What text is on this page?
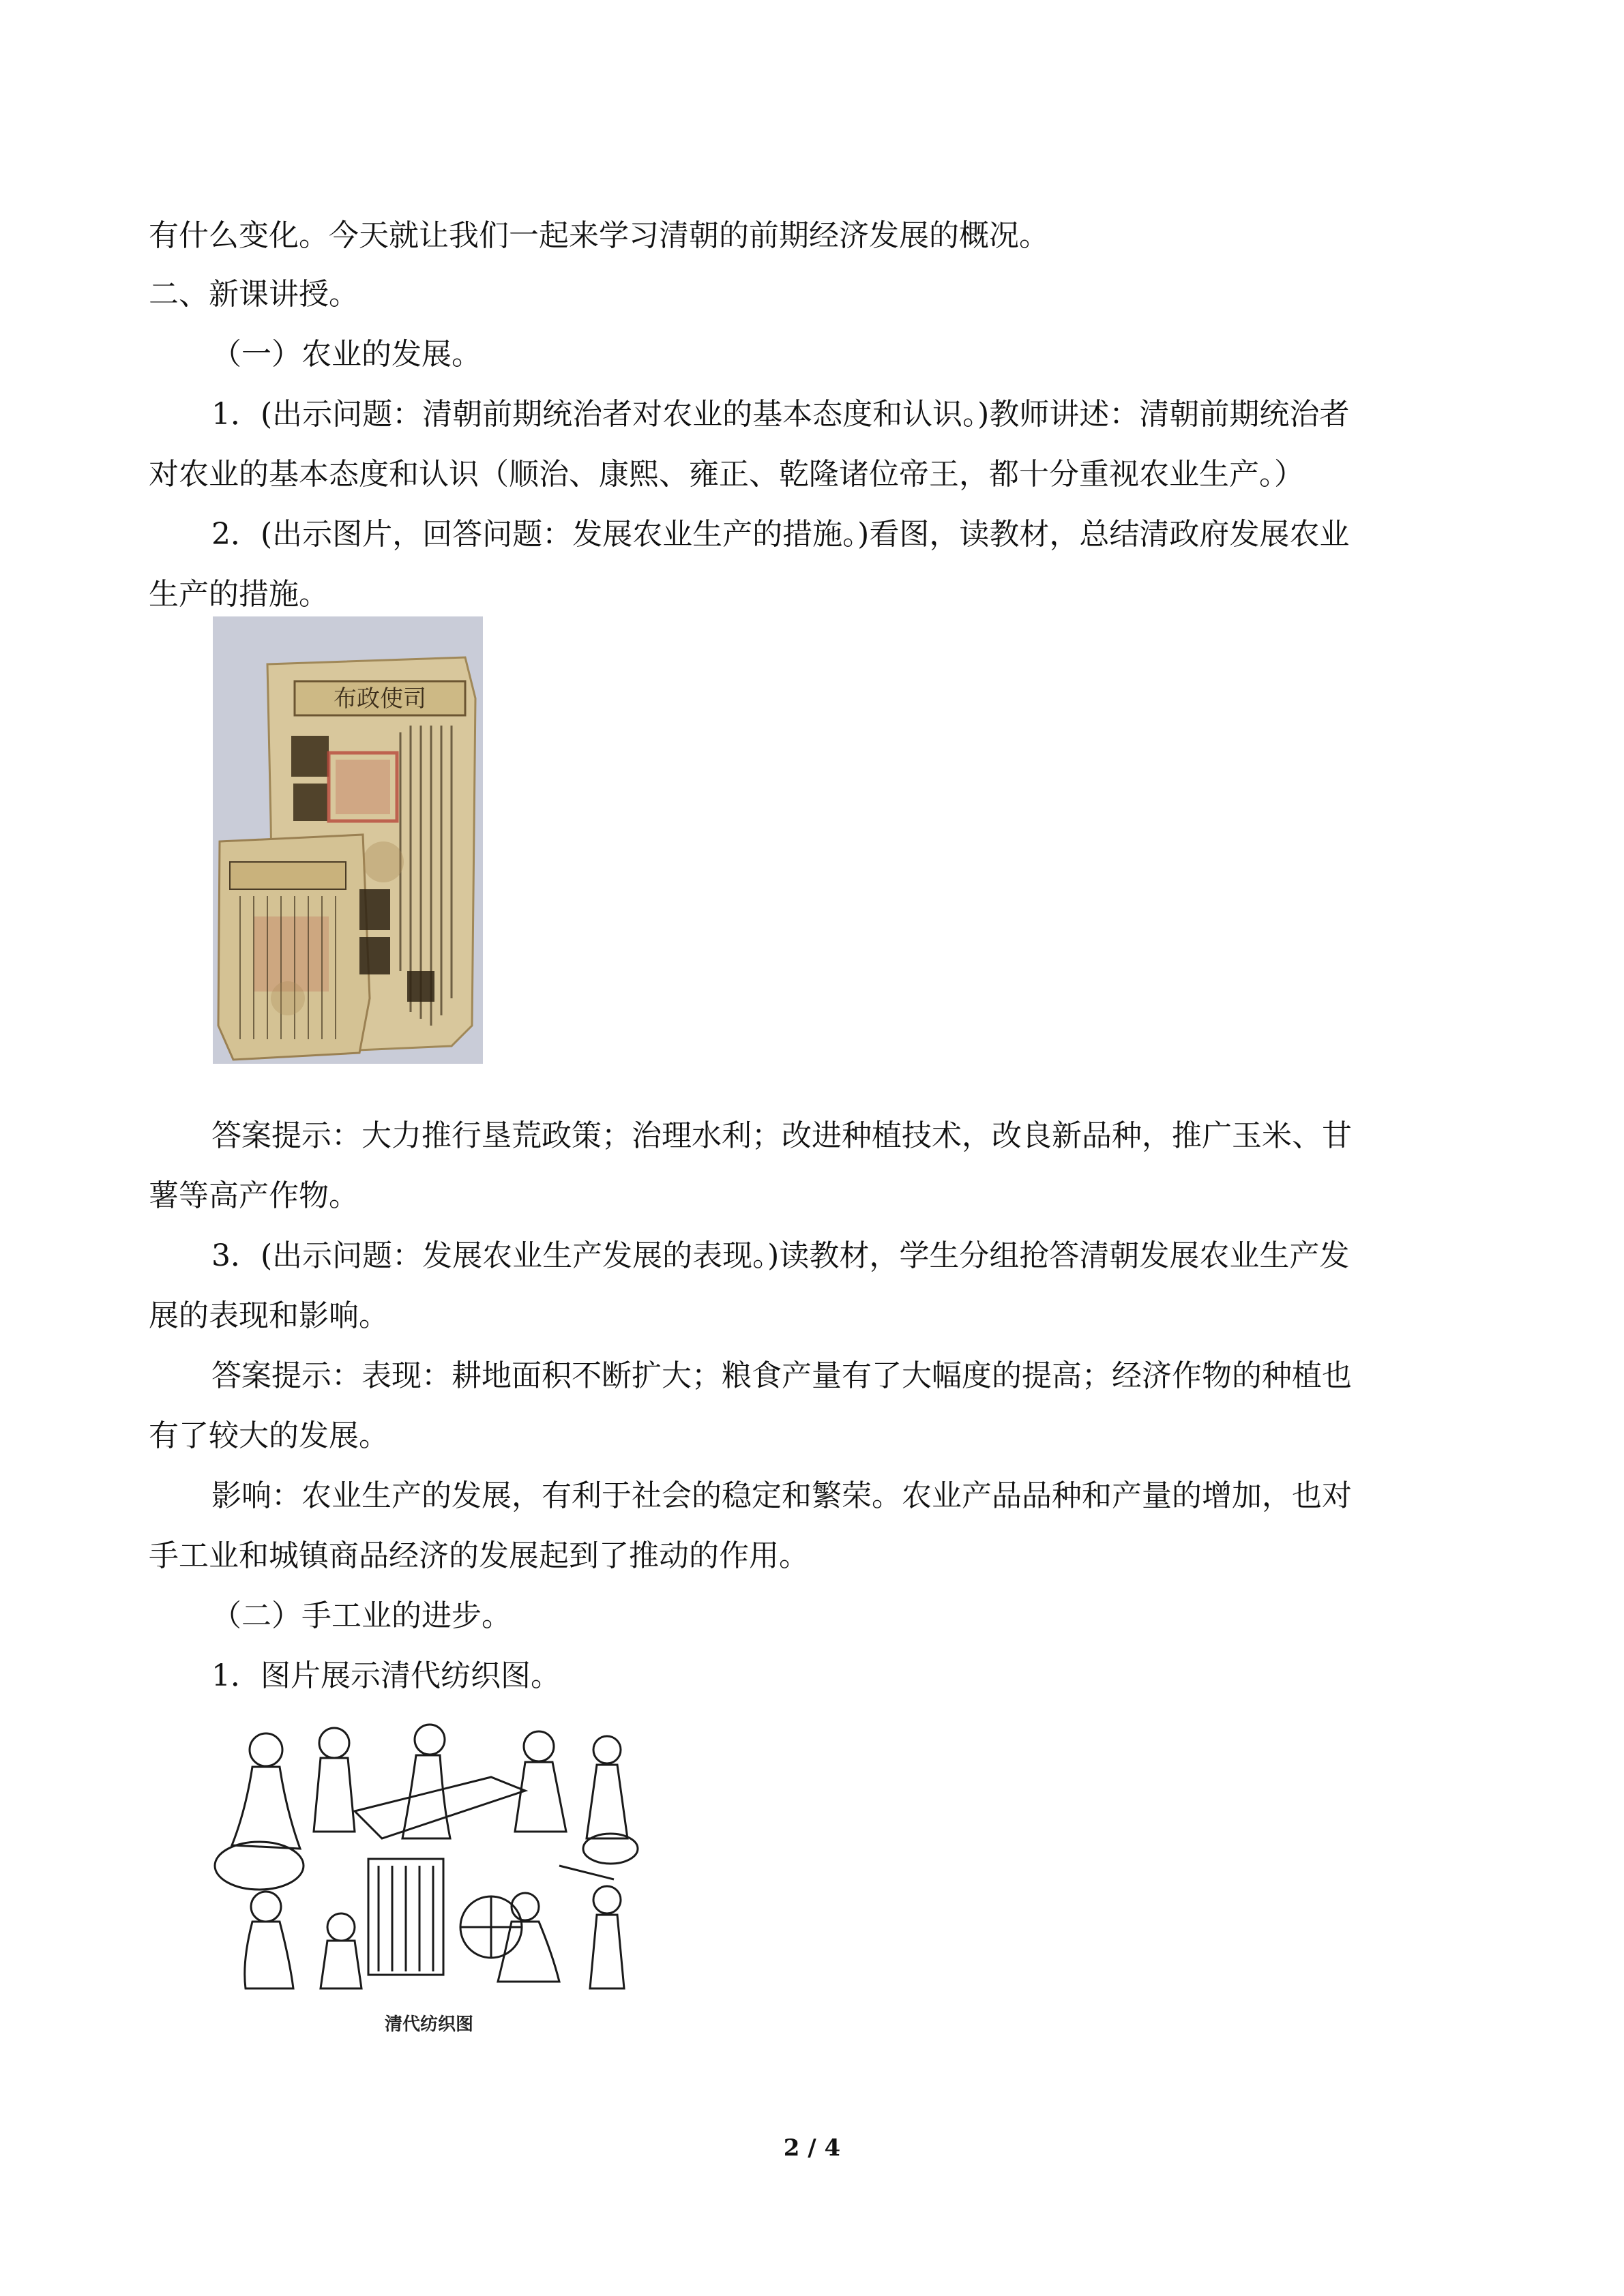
有什么变化。今天就让我们一起来学习清朝的前期经济发展的概况。
二、新课讲授。
（一）农业的发展。
1．(出示问题：清朝前期统治者对农业的基本态度和认识。)教师讲述：清朝前期统治者
对农业的基本态度和认识（顺治、康熙、雍正、乾隆诸位帝王，都十分重视农业生产。）
2．(出示图片，回答问题：发展农业生产的措施。)看图，读教材，总结清政府发展农业
生产的措施。
布政使司
答案提示：大力推行垦荒政策；治理水利；改进种植技术，改良新品种，推广玉米、甘
薯等高产作物。
3．(出示问题：发展农业生产发展的表现。)读教材，学生分组抢答清朝发展农业生产发
展的表现和影响。
答案提示：表现：耕地面积不断扩大；粮食产量有了大幅度的提高；经济作物的种植也
有了较大的发展。
影响：农业生产的发展，有利于社会的稳定和繁荣。农业产品品种和产量的增加，也对
手工业和城镇商品经济的发展起到了推动的作用。
（二）手工业的进步。
1．图片展示清代纺织图。
清代纺织图
2 / 4
